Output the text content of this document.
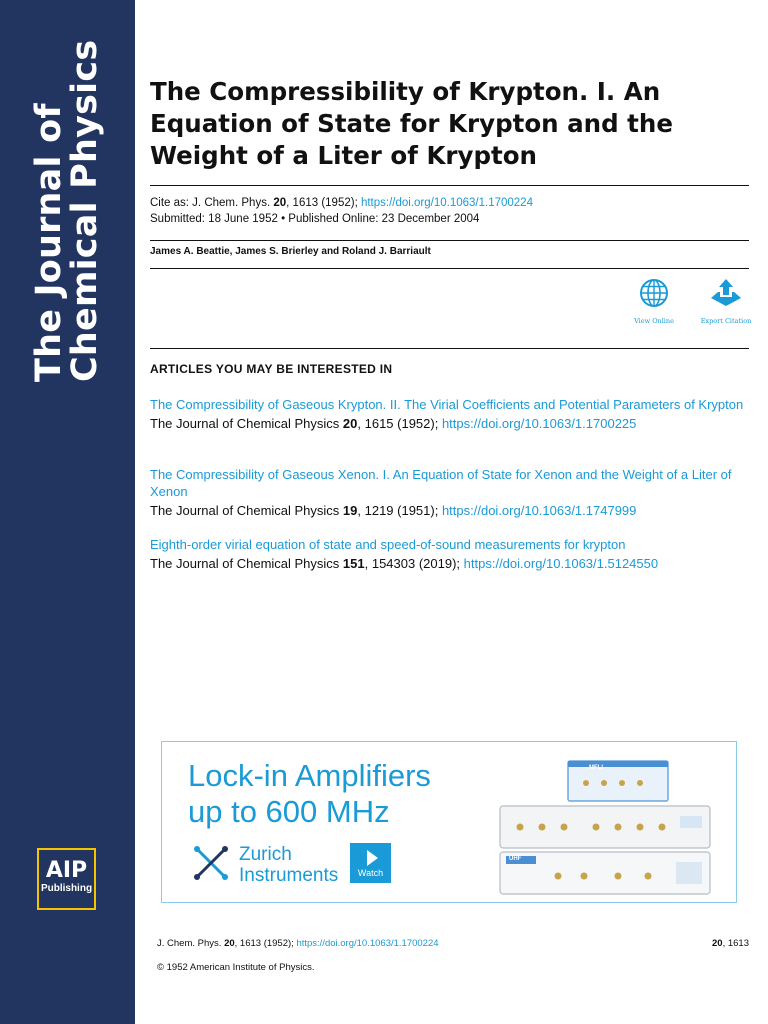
The Journal of
Chemical Physics
AIP
Publishing
The Compressibility of Krypton. I. An Equation of State for Krypton and the Weight of a Liter of Krypton
Cite as: J. Chem. Phys. 20, 1613 (1952); https://doi.org/10.1063/1.1700224
Submitted: 18 June 1952 • Published Online: 23 December 2004
James A. Beattie, James S. Brierley and Roland J. Barriault
View Online	Export Citation
ARTICLES YOU MAY BE INTERESTED IN
The Compressibility of Gaseous Krypton. II. The Virial Coefficients and Potential Parameters of Krypton
The Journal of Chemical Physics 20, 1615 (1952); https://doi.org/10.1063/1.1700225
The Compressibility of Gaseous Xenon. I. An Equation of State for Xenon and the Weight of a Liter of Xenon
The Journal of Chemical Physics 19, 1219 (1951); https://doi.org/10.1063/1.1747999
Eighth-order virial equation of state and speed-of-sound measurements for krypton
The Journal of Chemical Physics 151, 154303 (2019); https://doi.org/10.1063/1.5124550
Lock-in Amplifiers
up to 600 MHz
Zurich
Instruments	Watch
MFLI
UHF
J. Chem. Phys. 20, 1613 (1952); https://doi.org/10.1063/1.1700224	20, 1613
© 1952 American Institute of Physics.
